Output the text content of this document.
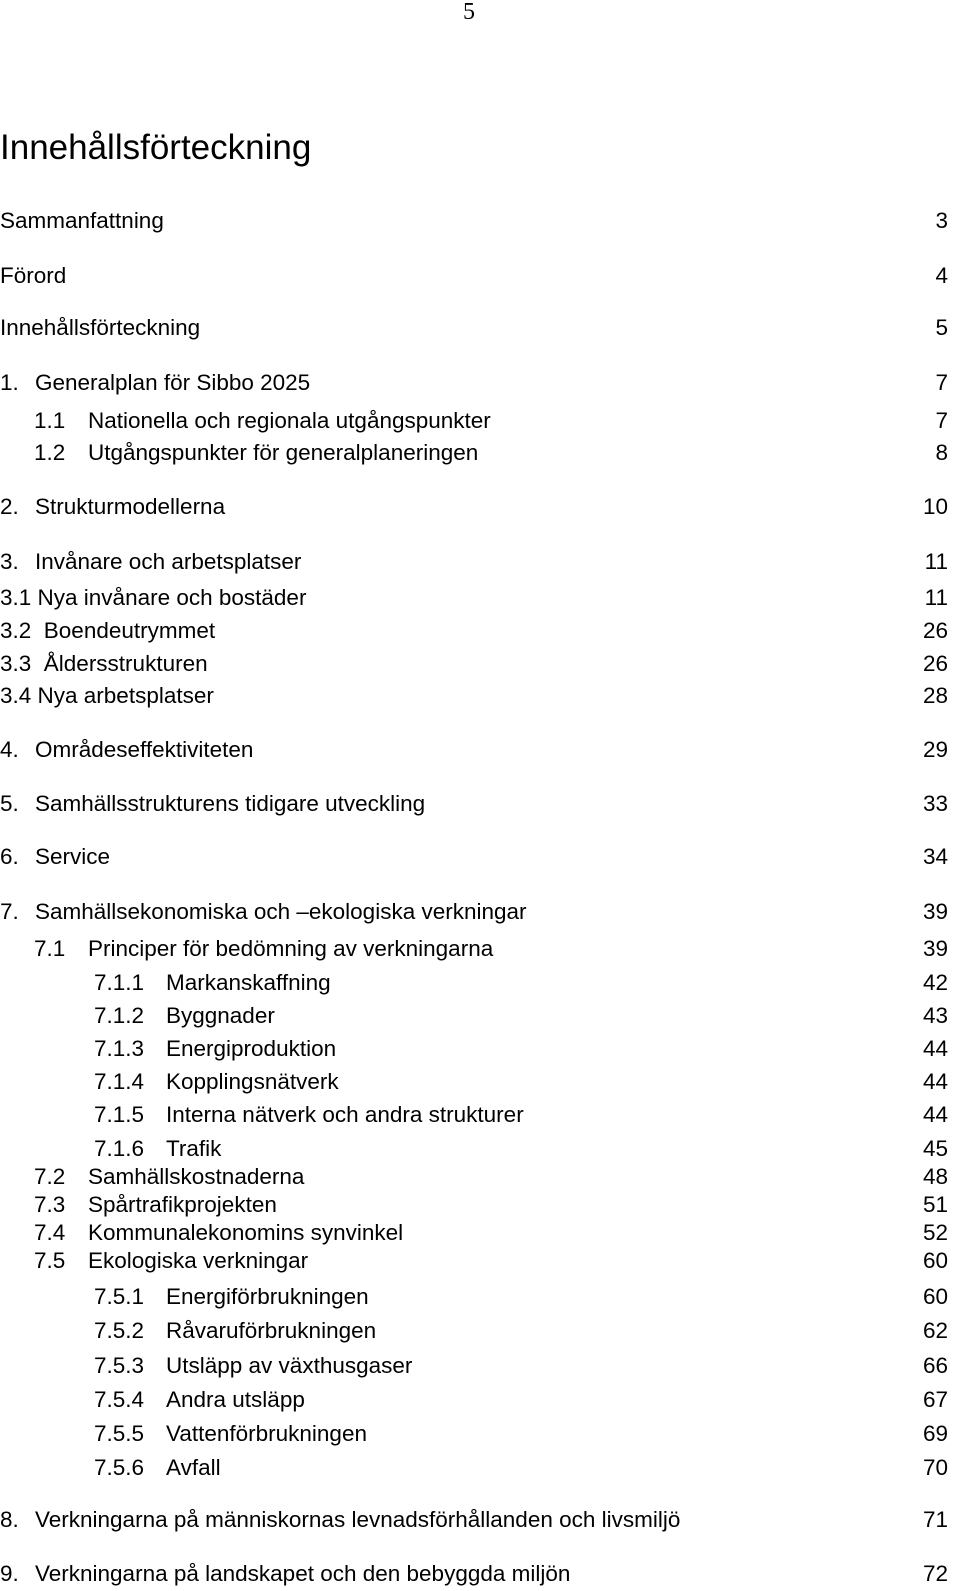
5
Innehållsförteckning
Sammanfattning	3
Förord	4
Innehållsförteckning	5
1. Generalplan för Sibbo 2025	7
1.1 Nationella och regionala utgångspunkter	7
1.2 Utgångspunkter för generalplaneringen	8
2. Strukturmodellerna	10
3. Invånare och arbetsplatser	11
3.1 Nya invånare och bostäder	11
3.2  Boendeutrymmet	26
3.3  Åldersstrukturen	26
3.4 Nya arbetsplatser	28
4. Områdeseffektiviteten	29
5. Samhällsstrukturens tidigare utveckling	33
6. Service	34
7. Samhällsekonomiska och –ekologiska verkningar	39
7.1 Principer för bedömning av verkningarna	39
7.1.1 Markanskaffning	42
7.1.2 Byggnader	43
7.1.3 Energiproduktion	44
7.1.4 Kopplingsnätverk	44
7.1.5 Interna nätverk och andra strukturer	44
7.1.6 Trafik	45
7.2 Samhällskostnaderna	48
7.3 Spårtrafikprojekten	51
7.4 Kommunalekonomins synvinkel	52
7.5 Ekologiska verkningar	60
7.5.1 Energiförbrukningen	60
7.5.2 Råvaruförbrukningen	62
7.5.3 Utsläpp av växthusgaser	66
7.5.4 Andra utsläpp	67
7.5.5 Vattenförbrukningen	69
7.5.6 Avfall	70
8. Verkningarna på människornas levnadsförhållanden och livsmiljö	71
9. Verkningarna på landskapet och den bebyggda miljön	72
